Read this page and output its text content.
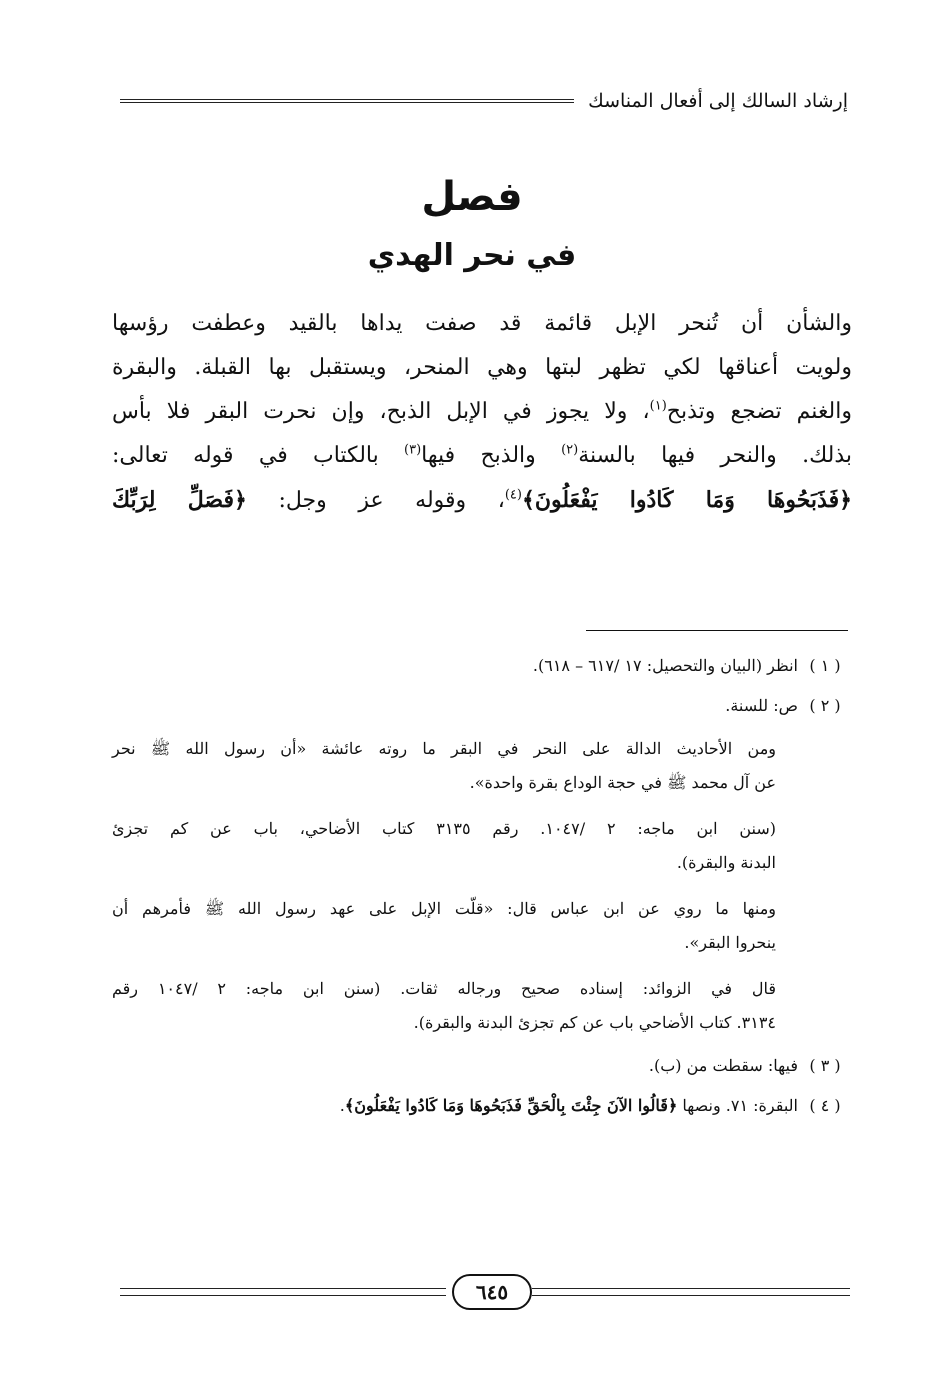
إرشاد السالك إلى أفعال المناسك
فصل
في نحر الهدي
والشأن أن تُنحر الإبل قائمة قد صفت يداها بالقيد وعطفت رؤسها
ولويت أعناقها لكي تظهر لبتها وهي المنحر، ويستقبل بها القبلة. والبقرة
والغنم تضجع وتذبح$^{(١)}$، ولا يجوز في الإبل الذبح، وإن نحرت البقر فلا بأس
بذلك. والنحر فيها بالسنة$^{(٢)}$ والذبح فيها$^{(٣)}$ بالكتاب في قوله تعالى:
﴿فَذَبَحُوهَا وَمَا كَادُوا يَفْعَلُونَ﴾$^{(٤)}$، وقوله عز وجل: ﴿فَصَلِّ لِرَبِّكَ
( ١ )
انظر (البيان والتحصيل: ١٧ /٦١٧ – ٦١٨).
( ٢ )
ص: للسنة.
ومن الأحاديث الدالة على النحر في البقر ما روته عائشة «أن رسول الله ﷺ نحر
عن آل محمد ﷺ في حجة الوداع بقرة واحدة».
(سنن ابن ماجه: ٢ /١٠٤٧. رقم ٣١٣٥ كتاب الأضاحي، باب عن كم تجزئ
البدنة والبقرة).
ومنها ما روي عن ابن عباس قال: «قلّت الإبل على عهد رسول الله ﷺ فأمرهم أن
ينحروا البقر».
قال في الزوائد: إسناده صحيح ورجاله ثقات. (سنن ابن ماجه: ٢ /١٠٤٧ رقم
٣١٣٤. كتاب الأضاحي باب عن كم تجزئ البدنة والبقرة).
( ٣ )
فيها: سقطت من (ب).
( ٤ )
البقرة: ٧١. ونصها ﴿قَالُوا الآنَ جِئْتَ بِالْحَقِّ فَذَبَحُوهَا وَمَا كَادُوا يَفْعَلُونَ﴾.
٦٤٥
